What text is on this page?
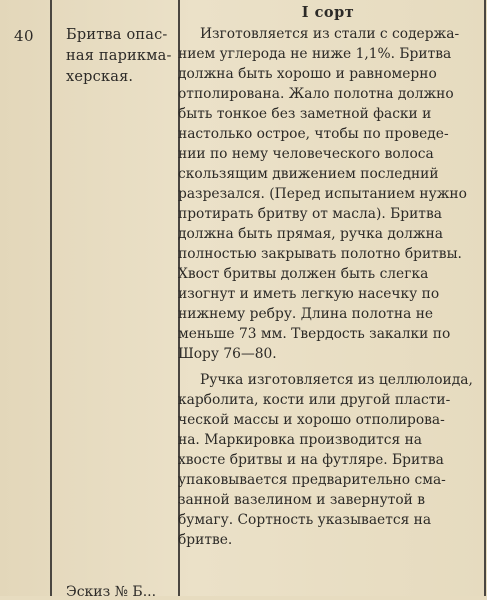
40 Бритва опас-
ная парикма-
херская.
Эскиз № Б...
I сорт
Изготовляется из стали с содержа-
нием углерода не ниже 1,1%. Бритва
должна быть хорошо и равномерно
отполирована. Жало полотна должно
быть тонкое без заметной фаски и
настолько острое, чтобы по проведе-
нии по нему человеческого волоса
скользящим движением последний
разрезался. (Перед испытанием нужно
протирать бритву от масла). Бритва
должна быть прямая, ручка должна
полностью закрывать полотно бритвы.
Хвост бритвы должен быть слегка
изогнут и иметь легкую насечку по
нижнему ребру. Длина полотна не
меньше 73 мм. Твердость закалки по
Шору 76—80.
Ручка изготовляется из целлюлоида,
карболита, кости или другой пласти-
ческой массы и хорошо отполирова-
на. Маркировка производится на
хвосте бритвы и на футляре. Бритва
упаковывается предварительно сма-
занной вазелином и завернутой в
бумагу. Сортность указывается на
бритве.
